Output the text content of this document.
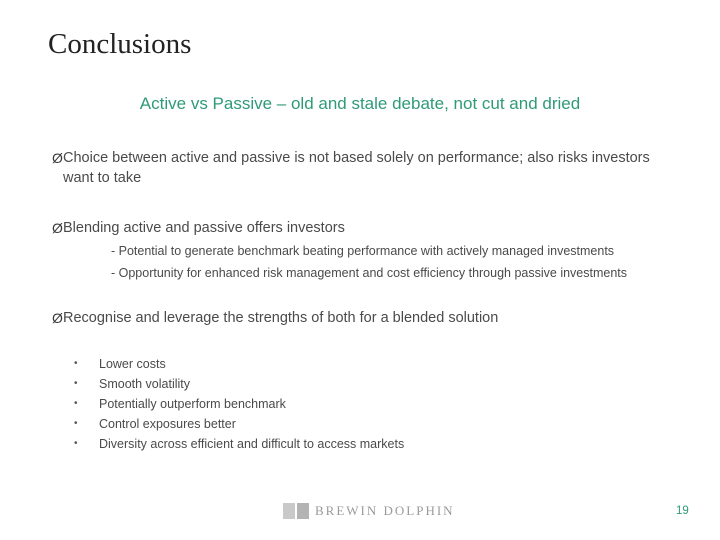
Conclusions
Active vs Passive – old and stale debate, not cut and dried
Ø Choice between active and passive is not based solely on performance; also risks investors want to take
Ø Blending active and passive offers investors
- Potential to generate benchmark beating performance with actively managed investments
- Opportunity for enhanced risk management and cost efficiency through passive investments
Ø Recognise and leverage the strengths of both for a blended solution
•	Lower costs
•	Smooth volatility
•	Potentially outperform benchmark
•	Control exposures better
•	Diversity across efficient and difficult to access markets
BREWIN DOLPHIN	19
